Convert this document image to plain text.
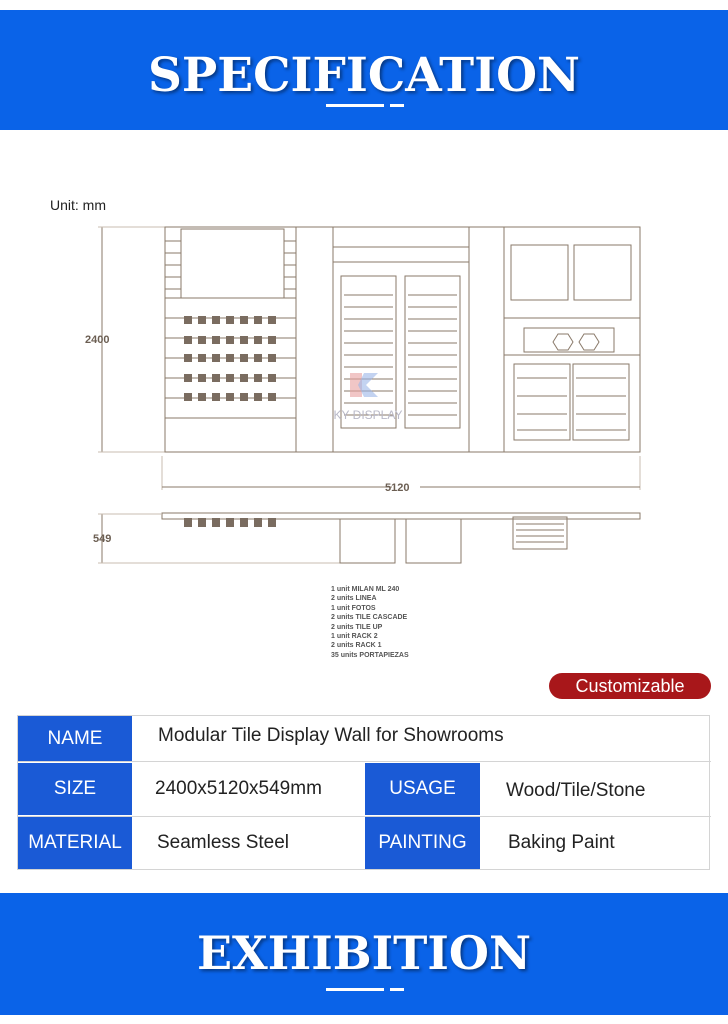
SPECIFICATION
Unit: mm
KY DISPLAY
2400
5120
549
1 unit MILAN ML 240
2 units LINEA
1 unit FOTOS
2 units TILE CASCADE
2 units TILE UP
1 unit RACK 2
2 units RACK 1
35 units PORTAPIEZAS
Customizable
NAME	Modular Tile Display Wall for Showrooms
SIZE	2400x5120x549mm	USAGE	Wood/Tile/Stone
MATERIAL	Seamless Steel	PAINTING	Baking Paint
EXHIBITION
